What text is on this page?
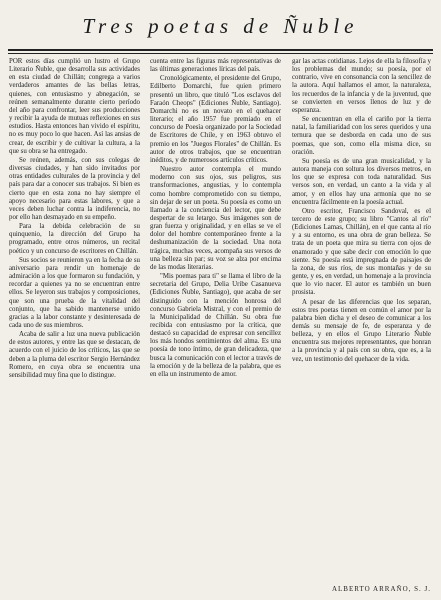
Tres poetas de Ñuble

POR estos días cumplió un lustro el Grupo Literario Ñuble, que desarrolla sus actividades en esta ciudad de Chillán; congrega a varios verdaderos amantes de las bellas letras, quienes, con entusiasmo y abnegación, se reúnen semanalmente durante cierto período del año para confrontar, leer sus producciones y recibir la ayuda de mutuas reflexiones en sus estudios. Hasta entonces han vivido el espíritu, no es muy poco lo que hacen. Así las ansias de crear, de escribir y de cultivar la cultura, a la que su obra se ha entregado.

Se reúnen, además, con sus colegas de diversas ciudades, y han sido invitados por otras entidades culturales de la provincia y del país para dar a conocer sus trabajos. Si bien es cierto que en esta zona no hay siempre el apoyo necesario para estas labores, y que a veces deben luchar contra la indiferencia, no por ello han desmayado en su empeño.

Para la debida celebración de su quinquenio, la dirección del Grupo ha programado, entre otros números, un recital poético y un concurso de escritores en Chillán.

Sus socios se reunieron ya en la fecha de su aniversario para rendir un homenaje de admiración a los que formaron su fundación, y recordar a quienes ya no se encuentran entre ellos. Se leyeron sus trabajos y composiciones, que son una prueba de la vitalidad del conjunto, que ha sabido mantenerse unido gracias a la labor constante y desinteresada de cada uno de sus miembros.

Acaba de salir a luz una nueva publicación de estos autores, y entre las que se destacan, de acuerdo con el juicio de los críticos, las que se deben a la pluma del escritor Sergio Hernández Romero, en cuya obra se encuentra una sensibilidad muy fina que lo distingue.

cuenta entre las figuras más representativas de las últimas generaciones líricas del país.

Cronológicamente, el presidente del Grupo, Edilberto Domarchi, fue quien primero presentó un libro, que tituló "Los esclavos del Faraón Cheops" (Ediciones Ñuble, Santiago). Domarchi no es un novato en el quehacer literario; el año 1957 fue premiado en el concurso de Poesía organizado por la Sociedad de Escritores de Chile, y en 1963 obtuvo el premio en los "Juegos Florales" de Chillán. Es autor de otros trabajos, que se encuentran inéditos, y de numerosos artículos críticos.

Nuestro autor contempla el mundo moderno con sus ojos, sus peligros, sus transformaciones, angustias, y lo contempla como hombre comprometido con su tiempo, sin dejar de ser un poeta. Su poesía es como un llamado a la conciencia del lector, que debe despertar de su letargo. Sus imágenes son de gran fuerza y originalidad, y en ellas se ve el dolor del hombre contemporáneo frente a la deshumanización de la sociedad. Una nota trágica, muchas veces, acompaña sus versos de una belleza sin par; su voz se alza por encima de las modas literarias.

"Mis poemas para ti" se llama el libro de la secretaria del Grupo, Delia Uribe Casanueva (Ediciones Ñuble, Santiago), que acaba de ser distinguido con la mención honrosa del concurso Gabriela Mistral, y con el premio de la Municipalidad de Chillán. Su obra fue recibida con entusiasmo por la crítica, que destacó su capacidad de expresar con sencillez los más hondos sentimientos del alma. Es una poesía de tono íntimo, de gran delicadeza, que busca la comunicación con el lector a través de la emoción y de la belleza de la palabra, que es en ella un instrumento de amor.

gar las actas cotidianas. Lejos de ella la filosofía y los problemas del mundo; su poesía, por el contrario, vive en consonancia con la sencillez de la autora. Aquí hallamos el amor, la naturaleza, los recuerdos de la infancia y de la juventud, que se convierten en versos llenos de luz y de esperanza.

Se encuentran en ella el cariño por la tierra natal, la familiaridad con los seres queridos y una ternura que se desborda en cada uno de sus poemas, que son, como ella misma dice, su oración.

Su poesía es de una gran musicalidad, y la autora maneja con soltura los diversos metros, en los que se expresa con toda naturalidad. Sus versos son, en verdad, un canto a la vida y al amor, y en ellos hay una armonía que no se encuentra fácilmente en la poesía actual.

Otro escritor, Francisco Sandoval, es el tercero de este grupo; su libro "Cantos al río" (Ediciones Lamas, Chillán), en el que canta al río y a su entorno, es una obra de gran belleza. Se trata de un poeta que mira su tierra con ojos de enamorado y que sabe decir con emoción lo que siente. Su poesía está impregnada de paisajes de la zona, de sus ríos, de sus montañas y de su gente, y es, en verdad, un homenaje a la provincia que lo vio nacer. El autor es también un buen prosista.

A pesar de las diferencias que los separan, estos tres poetas tienen en común el amor por la palabra bien dicha y el deseo de comunicar a los demás su mensaje de fe, de esperanza y de belleza, y en ellos el Grupo Literario Ñuble encuentra sus mejores representantes, que honran a la provincia y al país con su obra, que es, a la vez, un testimonio del quehacer de la vida.

ALBERTO ARRAÑO, S. J.
